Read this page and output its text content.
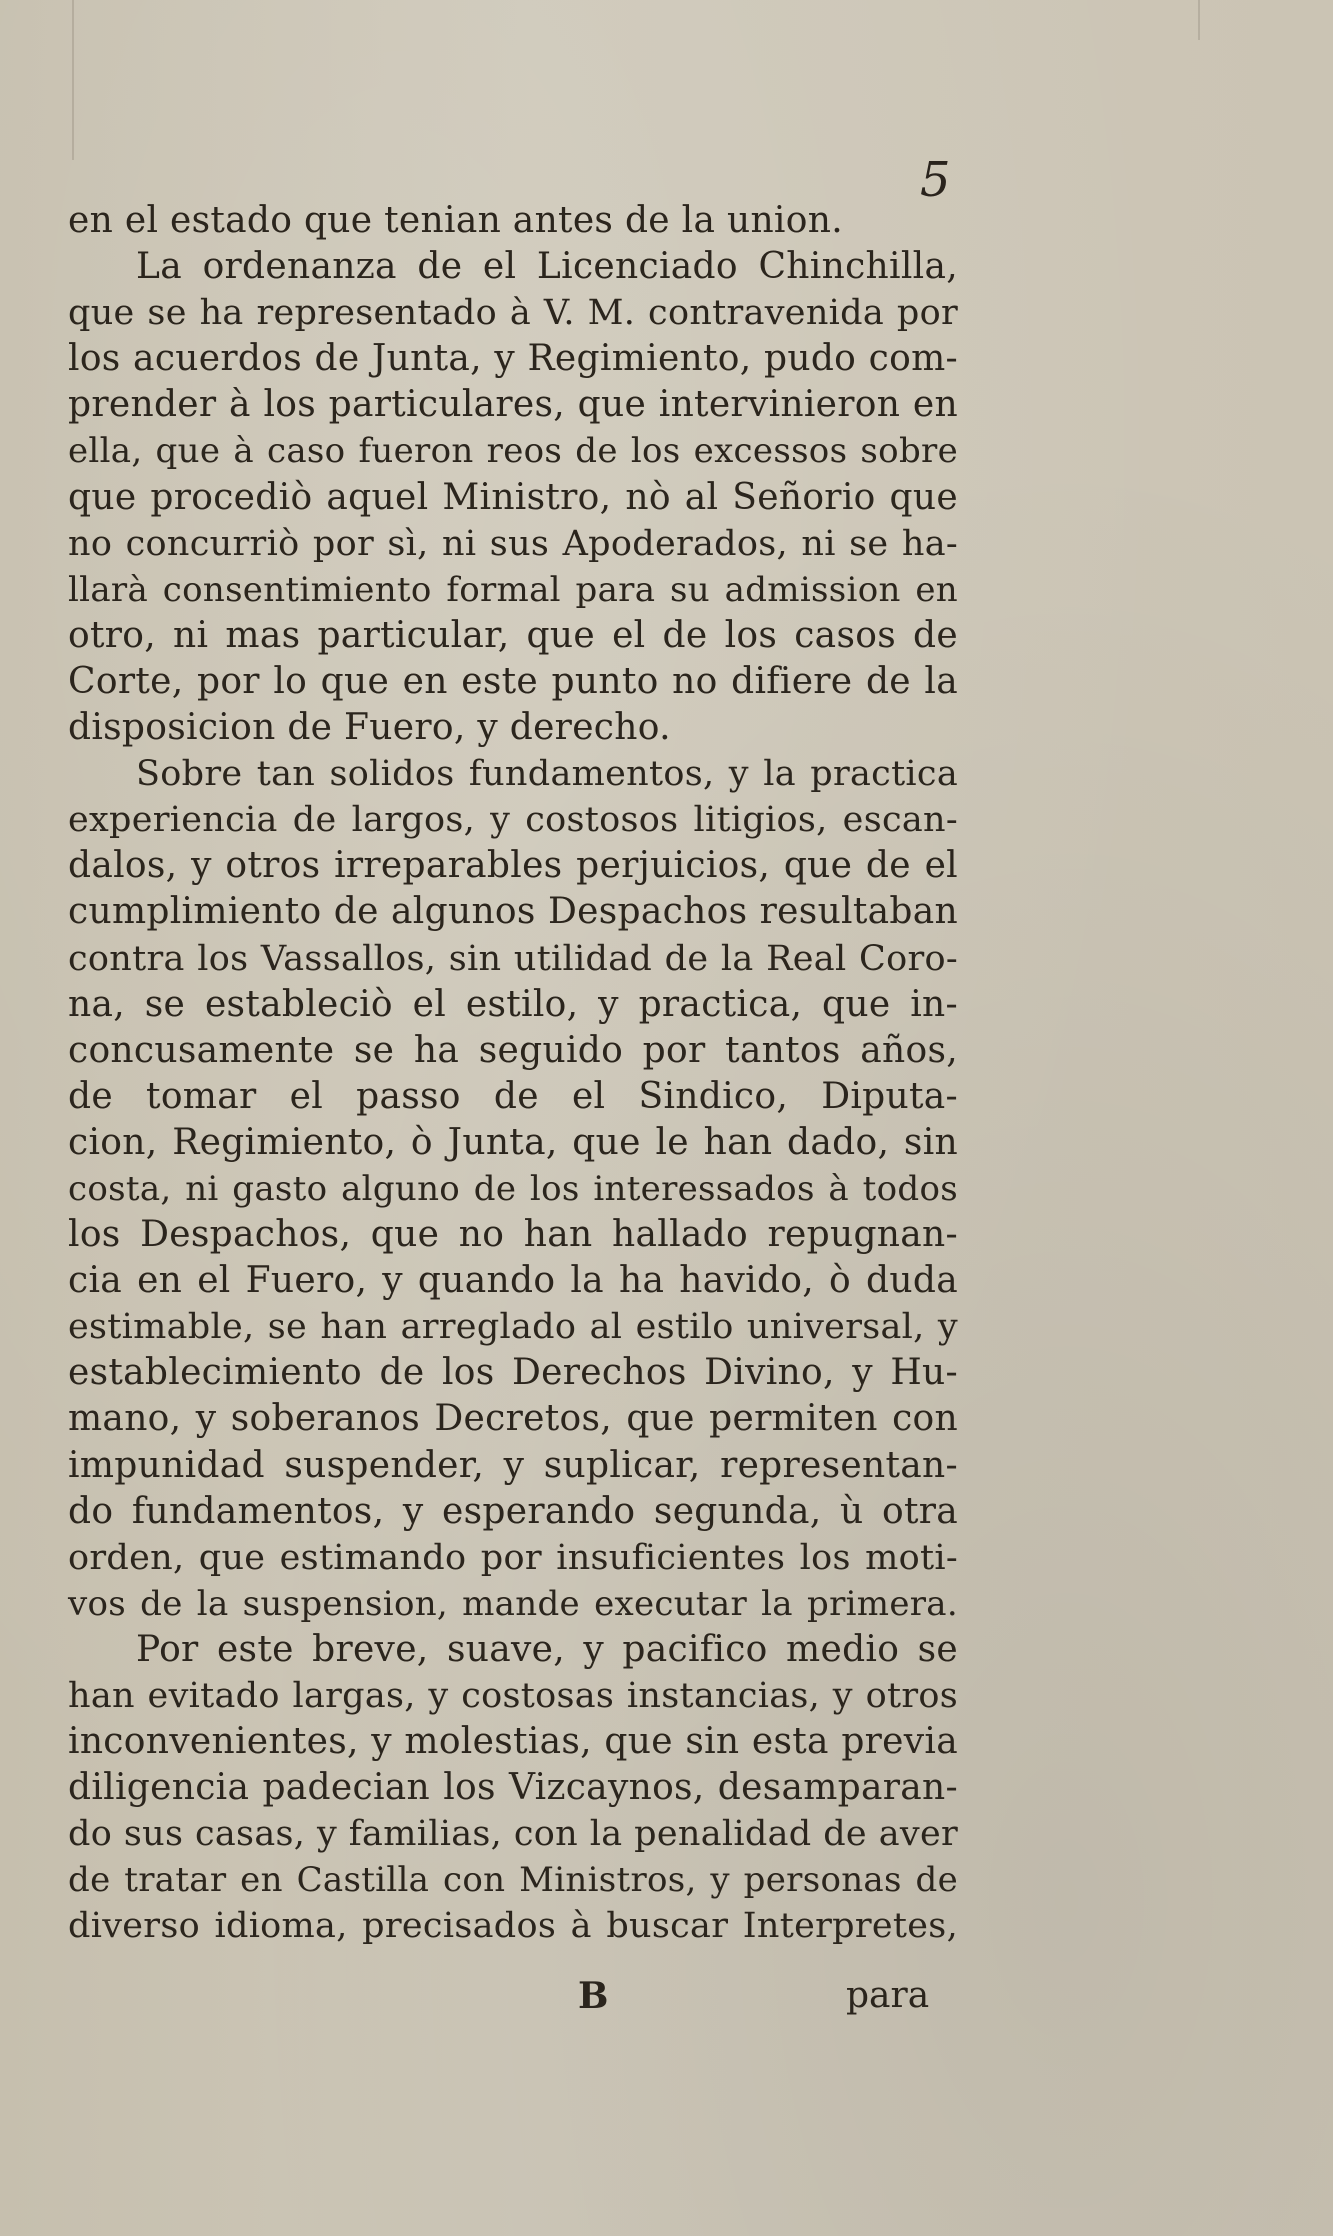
5
en el estado que tenian antes de la union.
La ordenanza de el Licenciado Chinchilla,
que se ha representado à V. M. contravenida por
los acuerdos de Junta, y Regimiento, pudo com-
prender à los particulares, que intervinieron en
ella, que à caso fueron reos de los excessos sobre
que procediò aquel Ministro, nò al Señorio que
no concurriò por sì, ni sus Apoderados, ni se ha-
llarà consentimiento formal para su admission en
otro, ni mas particular, que el de los casos de
Corte, por lo que en este punto no difiere de la
disposicion de Fuero, y derecho.
Sobre tan solidos fundamentos, y la practica
experiencia de largos, y costosos litigios, escan-
dalos, y otros irreparables perjuicios, que de el
cumplimiento de algunos Despachos resultaban
contra los Vassallos, sin utilidad de la Real Coro-
na, se estableciò el estilo, y practica, que in-
concusamente se ha seguido por tantos años,
de tomar el passo de el Sindico, Diputa-
cion, Regimiento, ò Junta, que le han dado, sin
costa, ni gasto alguno de los interessados à todos
los Despachos, que no han hallado repugnan-
cia en el Fuero, y quando la ha havido, ò duda
estimable, se han arreglado al estilo universal, y
establecimiento de los Derechos Divino, y Hu-
mano, y soberanos Decretos, que permiten con
impunidad suspender, y suplicar, representan-
do fundamentos, y esperando segunda, ù otra
orden, que estimando por insuficientes los moti-
vos de la suspension, mande executar la primera.
Por este breve, suave, y pacifico medio se
han evitado largas, y costosas instancias, y otros
inconvenientes, y molestias, que sin esta previa
diligencia padecian los Vizcaynos, desamparan-
do sus casas, y familias, con la penalidad de aver
de tratar en Castilla con Ministros, y personas de
diverso idioma, precisados à buscar Interpretes,
B	para
